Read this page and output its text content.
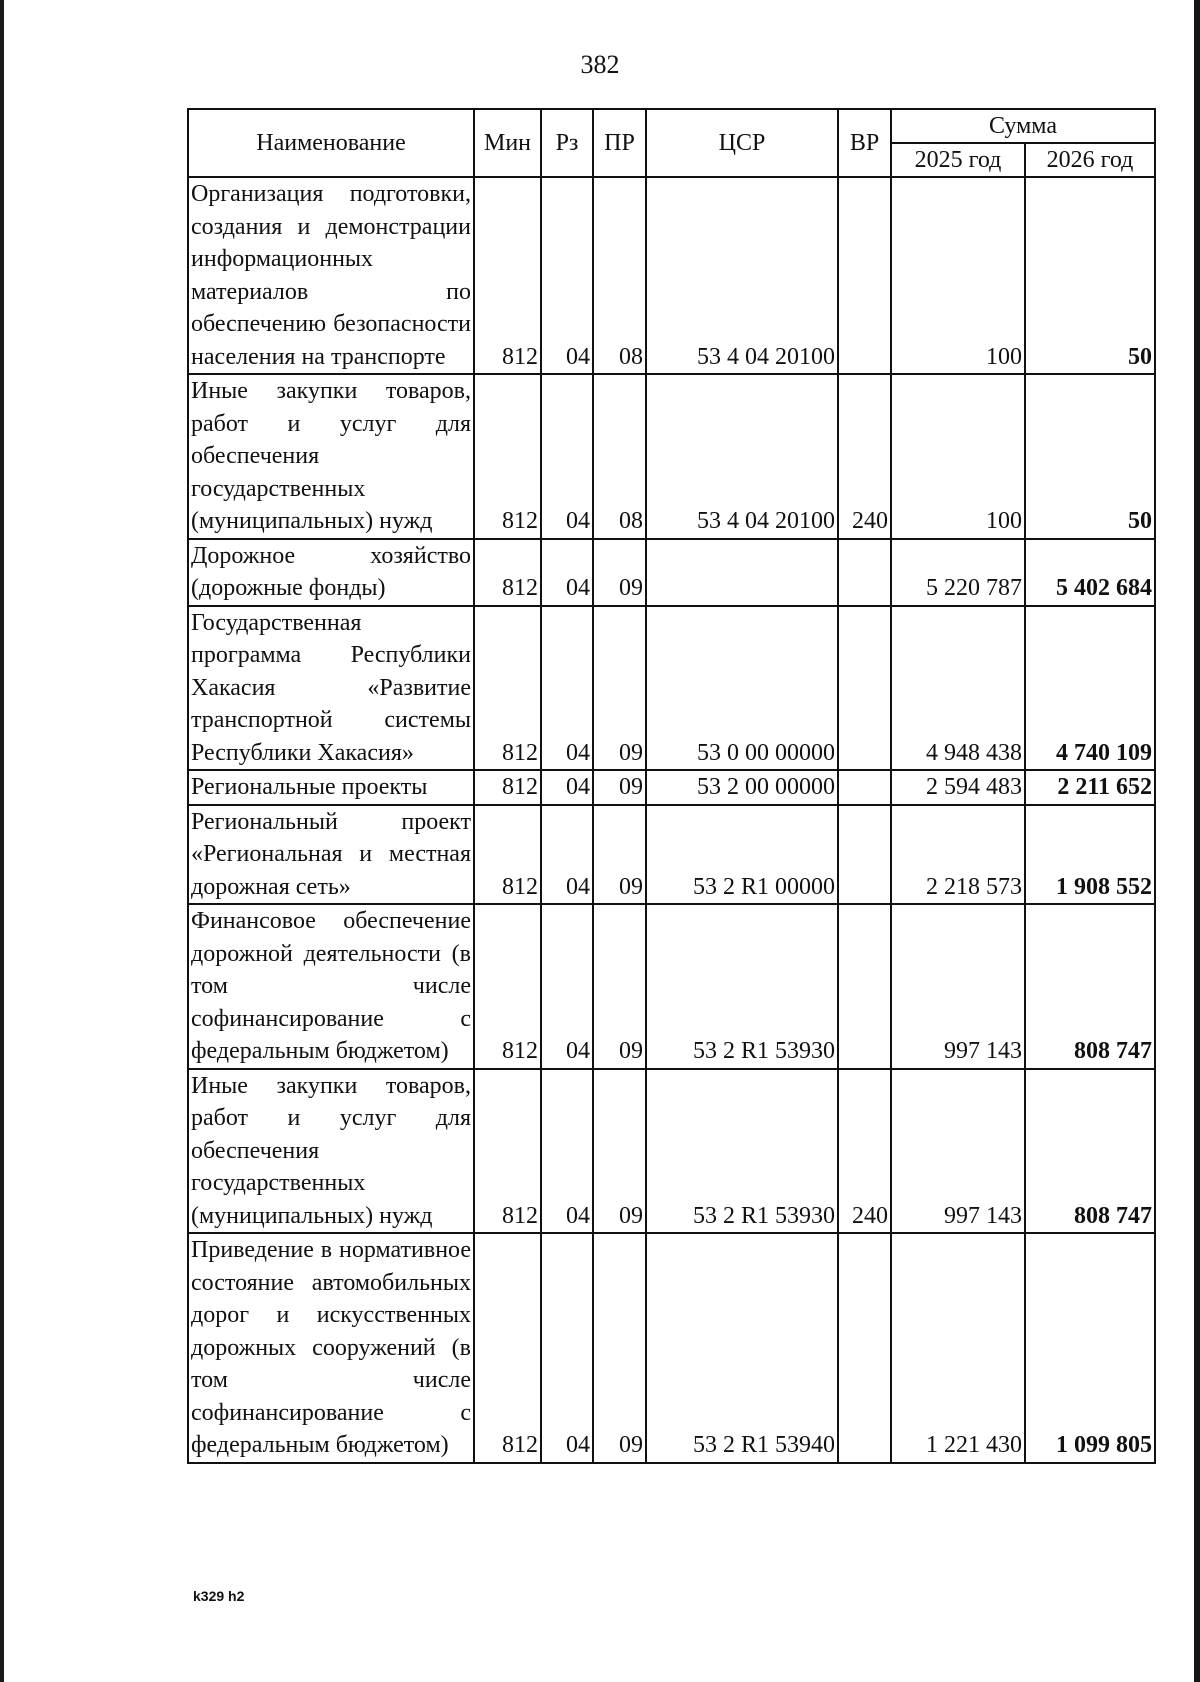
382
Наименование	Мин	Рз	ПР	ЦСР	ВР	Сумма	
						2025 год	2026 год
Организация подготовки, создания и демонстрации информационных материалов по обеспечению безопасности населения на транспорте	812	04	08	53 4 04 20100		100	50
Иные закупки товаров, работ и услуг для обеспечения государственных (муниципальных) нужд	812	04	08	53 4 04 20100	240	100	50
Дорожное хозяйство (дорожные фонды)	812	04	09			5 220 787	5 402 684
Государственная программа Республики Хакасия «Развитие транспортной системы Республики Хакасия»	812	04	09	53 0 00 00000		4 948 438	4 740 109
Региональные проекты	812	04	09	53 2 00 00000		2 594 483	2 211 652
Региональный проект «Региональная и местная дорожная сеть»	812	04	09	53 2 R1 00000		2 218 573	1 908 552
Финансовое обеспечение дорожной деятельности (в том числе софинансирование с федеральным бюджетом)	812	04	09	53 2 R1 53930		997 143	808 747
Иные закупки товаров, работ и услуг для обеспечения государственных (муниципальных) нужд	812	04	09	53 2 R1 53930	240	997 143	808 747
Приведение в нормативное состояние автомобильных дорог и искусственных дорожных сооружений (в том числе софинансирование с федеральным бюджетом)	812	04	09	53 2 R1 53940		1 221 430	1 099 805
k329 h2
